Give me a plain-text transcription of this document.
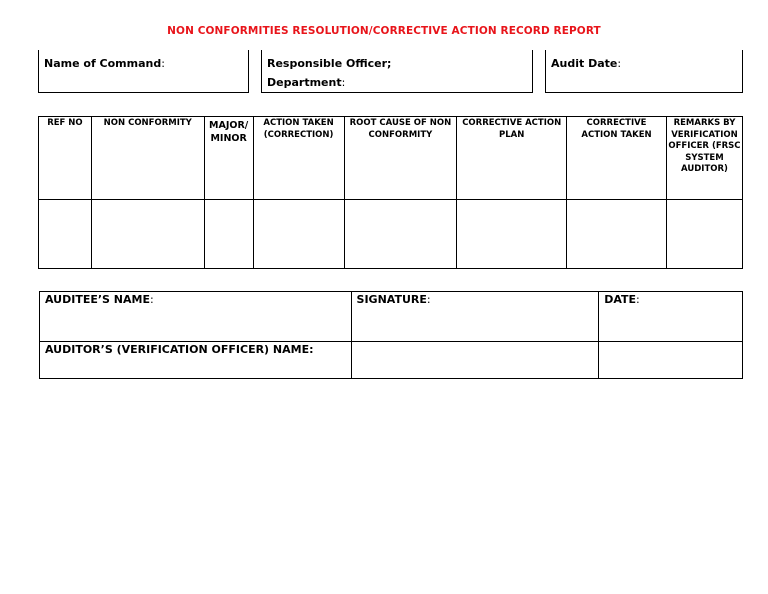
NON CONFORMITIES RESOLUTION/CORRECTIVE ACTION RECORD REPORT
Name of Command:	Responsible Officer;
Department:
Audit Date:
REF NO	NON CONFORMITY	MAJOR/ MINOR	ACTION TAKEN (CORRECTION)	ROOT CAUSE OF NON CONFORMITY	CORRECTIVE ACTION PLAN	CORRECTIVE ACTION TAKEN	REMARKS BY VERIFICATION OFFICER (FRSC SYSTEM AUDITOR)

AUDITEE’S NAME:	SIGNATURE:	DATE:
AUDITOR’S (VERIFICATION OFFICER) NAME:		
